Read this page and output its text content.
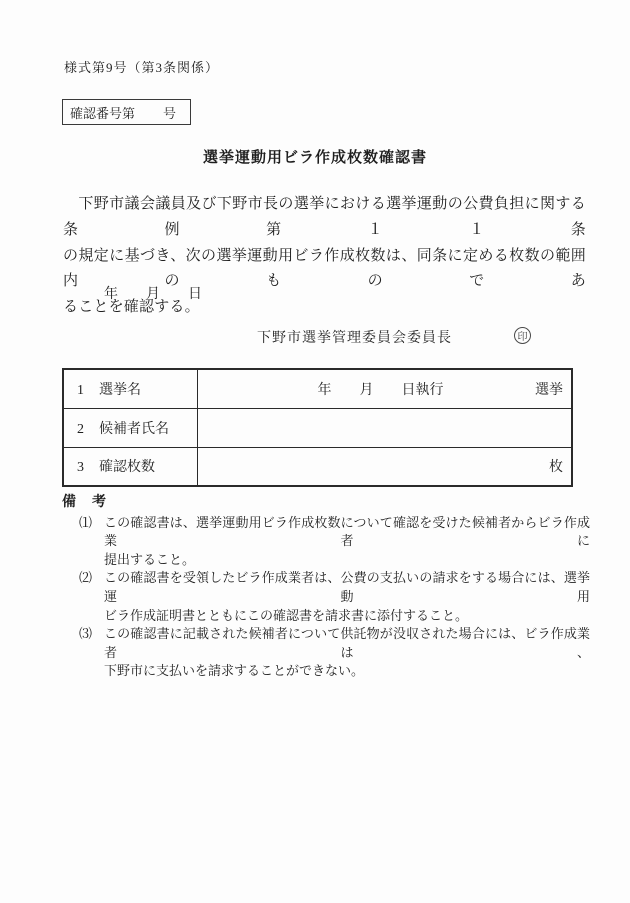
様式第9号（第3条関係）
確認番号第 号
選挙運動用ビラ作成枚数確認書
　下野市議会議員及び下野市長の選挙における選挙運動の公費負担に関する条例第１１条
の規定に基づき、次の選挙運動用ビラ作成枚数は、同条に定める枚数の範囲内のものであ
ることを確認する。
年　　月　　日
下野市選挙管理委員会委員長	印
1 選挙名	年　　月　　日執行 選挙

2 候補者氏名	

3 確認枚数	枚
備　考
⑴ この確認書は、選挙運動用ビラ作成枚数について確認を受けた候補者からビラ作成業者に
提出すること。
⑵ この確認書を受領したビラ作成業者は、公費の支払いの請求をする場合には、選挙運動用
ビラ作成証明書とともにこの確認書を請求書に添付すること。
⑶ この確認書に記載された候補者について供託物が没収された場合には、ビラ作成業者は、
下野市に支払いを請求することができない。
